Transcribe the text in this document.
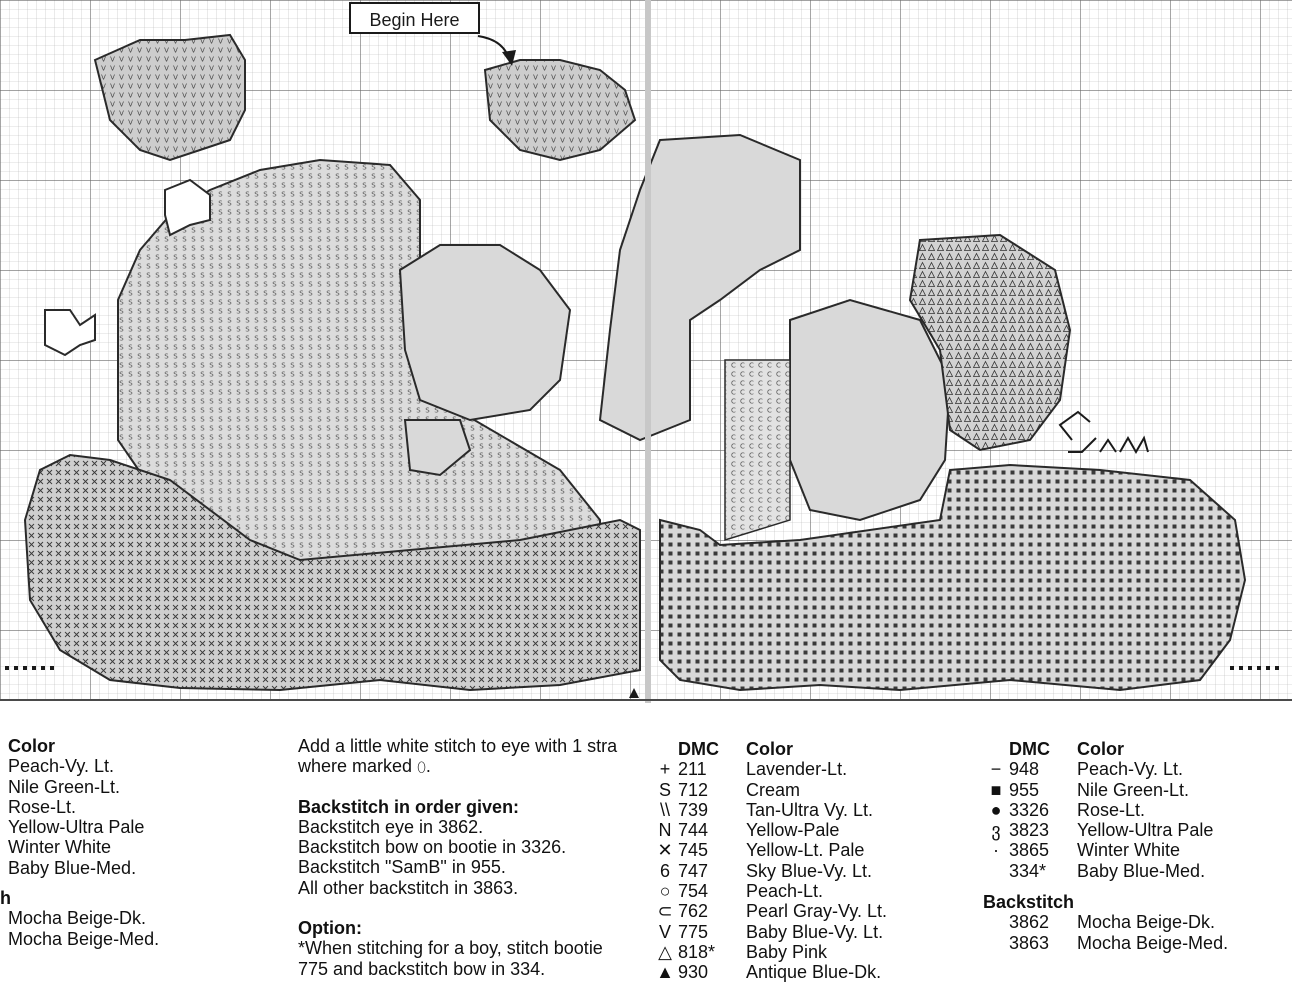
Begin Here
Color
Peach-Vy. Lt.
Nile Green-Lt.
Rose-Lt.
Yellow-Ultra Pale
Winter White
Baby Blue-Med.
h
Mocha Beige-Dk.
Mocha Beige-Med.
Add a little white stitch to eye with 1 stra
where marked ⬯.
Backstitch in order given:
Backstitch eye in 3862.
Backstitch bow on bootie in 3326.
Backstitch "SamB" in 955.
All other backstitch in 3863.
Option:
*When stitching for a boy, stitch bootie
775 and backstitch bow in 334.
DMC Color
+ 211 Lavender-Lt.
S 712 Cream
\\ 739 Tan-Ultra Vy. Lt.
N 744 Yellow-Pale
✕ 745 Yellow-Lt. Pale
6 747 Sky Blue-Vy. Lt.
○ 754 Peach-Lt.
⊂ 762 Pearl Gray-Vy. Lt.
V 775 Baby Blue-Vy. Lt.
△ 818* Baby Pink
▲ 930 Antique Blue-Dk.
DMC Color
− 948 Peach-Vy. Lt.
■ 955 Nile Green-Lt.
● 3326 Rose-Lt.
ვ 3823 Yellow-Ultra Pale
· 3865 Winter White
334* Baby Blue-Med.
Backstitch
3862 Mocha Beige-Dk.
3863 Mocha Beige-Med.
